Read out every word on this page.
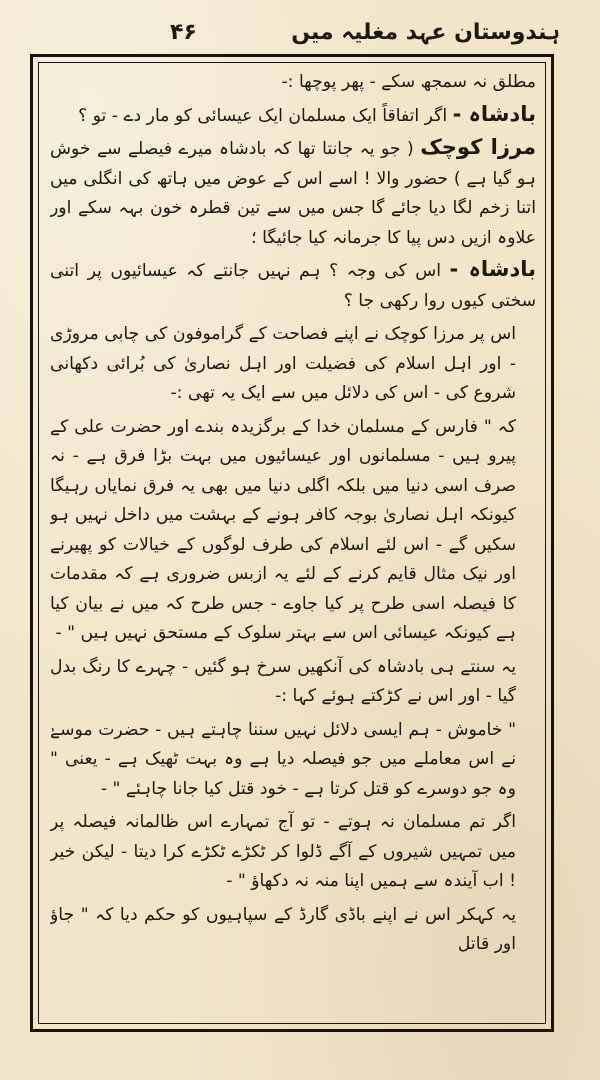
ہندوستان عہد مغلیہ میں
۴۶

مطلق نہ سمجھ سکے - پھر پوچھا :-

بادشاہ - اگر اتفاقاً ایک مسلمان ایک عیسائی کو مار دے - تو ؟

مرزا کوچک ( جو یہ جانتا تھا کہ بادشاہ میرے فیصلے سے خوش ہو گیا ہے ) حضور والا ! اسے اس کے عوض میں ہاتھ کی انگلی میں اتنا زخم لگا دیا جائے گا جس میں سے تین قطرہ خون بہہ سکے اور علاوہ ازیں دس پیا کا جرمانہ کیا جائیگا ؛

بادشاہ - اس کی وجہ ؟ ہم نہیں جانتے کہ عیسائیوں پر اتنی سختی کیوں روا رکھی جا ؟

اس پر مرزا کوچک نے اپنے فصاحت کے گراموفون کی چابی مروڑی - اور اہل اسلام کی فضیلت اور اہل نصاریٰ کی بُرائی دکھانی شروع کی - اس کی دلائل میں سے ایک یہ تھی :-

کہ " فارس کے مسلمان خدا کے برگزیدہ بندے اور حضرت علی کے پیرو ہیں - مسلمانوں اور عیسائیوں میں بہت بڑا فرق ہے - نہ صرف اسی دنیا میں بلکہ اگلی دنیا میں بھی یہ فرق نمایاں رہیگا کیونکہ اہل نصاریٰ بوجہ کافر ہونے کے بہشت میں داخل نہیں ہو سکیں گے - اس لئے اسلام کی طرف لوگوں کے خیالات کو پھیرنے اور نیک مثال قایم کرنے کے لئے یہ ازبس ضروری ہے کہ مقدمات کا فیصلہ اسی طرح پر کیا جاوے - جس طرح کہ میں نے بیان کیا ہے کیونکہ عیسائی اس سے بہتر سلوک کے مستحق نہیں ہیں " -

یہ سنتے ہی بادشاہ کی آنکھیں سرخ ہو گئیں - چہرے کا رنگ بدل گیا - اور اس نے کڑکتے ہوئے کہا :-

" خاموش - ہم ایسی دلائل نہیں سننا چاہتے ہیں - حضرت موسےٰ نے اس معاملے میں جو فیصلہ دیا ہے وہ بہت ٹھیک ہے - یعنی " وہ جو دوسرے کو قتل کرتا ہے - خود قتل کیا جانا چاہئے " -

اگر تم مسلمان نہ ہوتے - تو آج تمہارے اس ظالمانہ فیصلہ پر میں تمہیں شیروں کے آگے ڈلوا کر ٹکڑے ٹکڑے کرا دیتا - لیکن خیر ! اب آیندہ سے ہمیں اپنا منہ نہ دکھاؤ " -

یہ کہکر اس نے اپنے باڈی گارڈ کے سپاہیوں کو حکم دیا کہ " جاؤ اور قاتل
